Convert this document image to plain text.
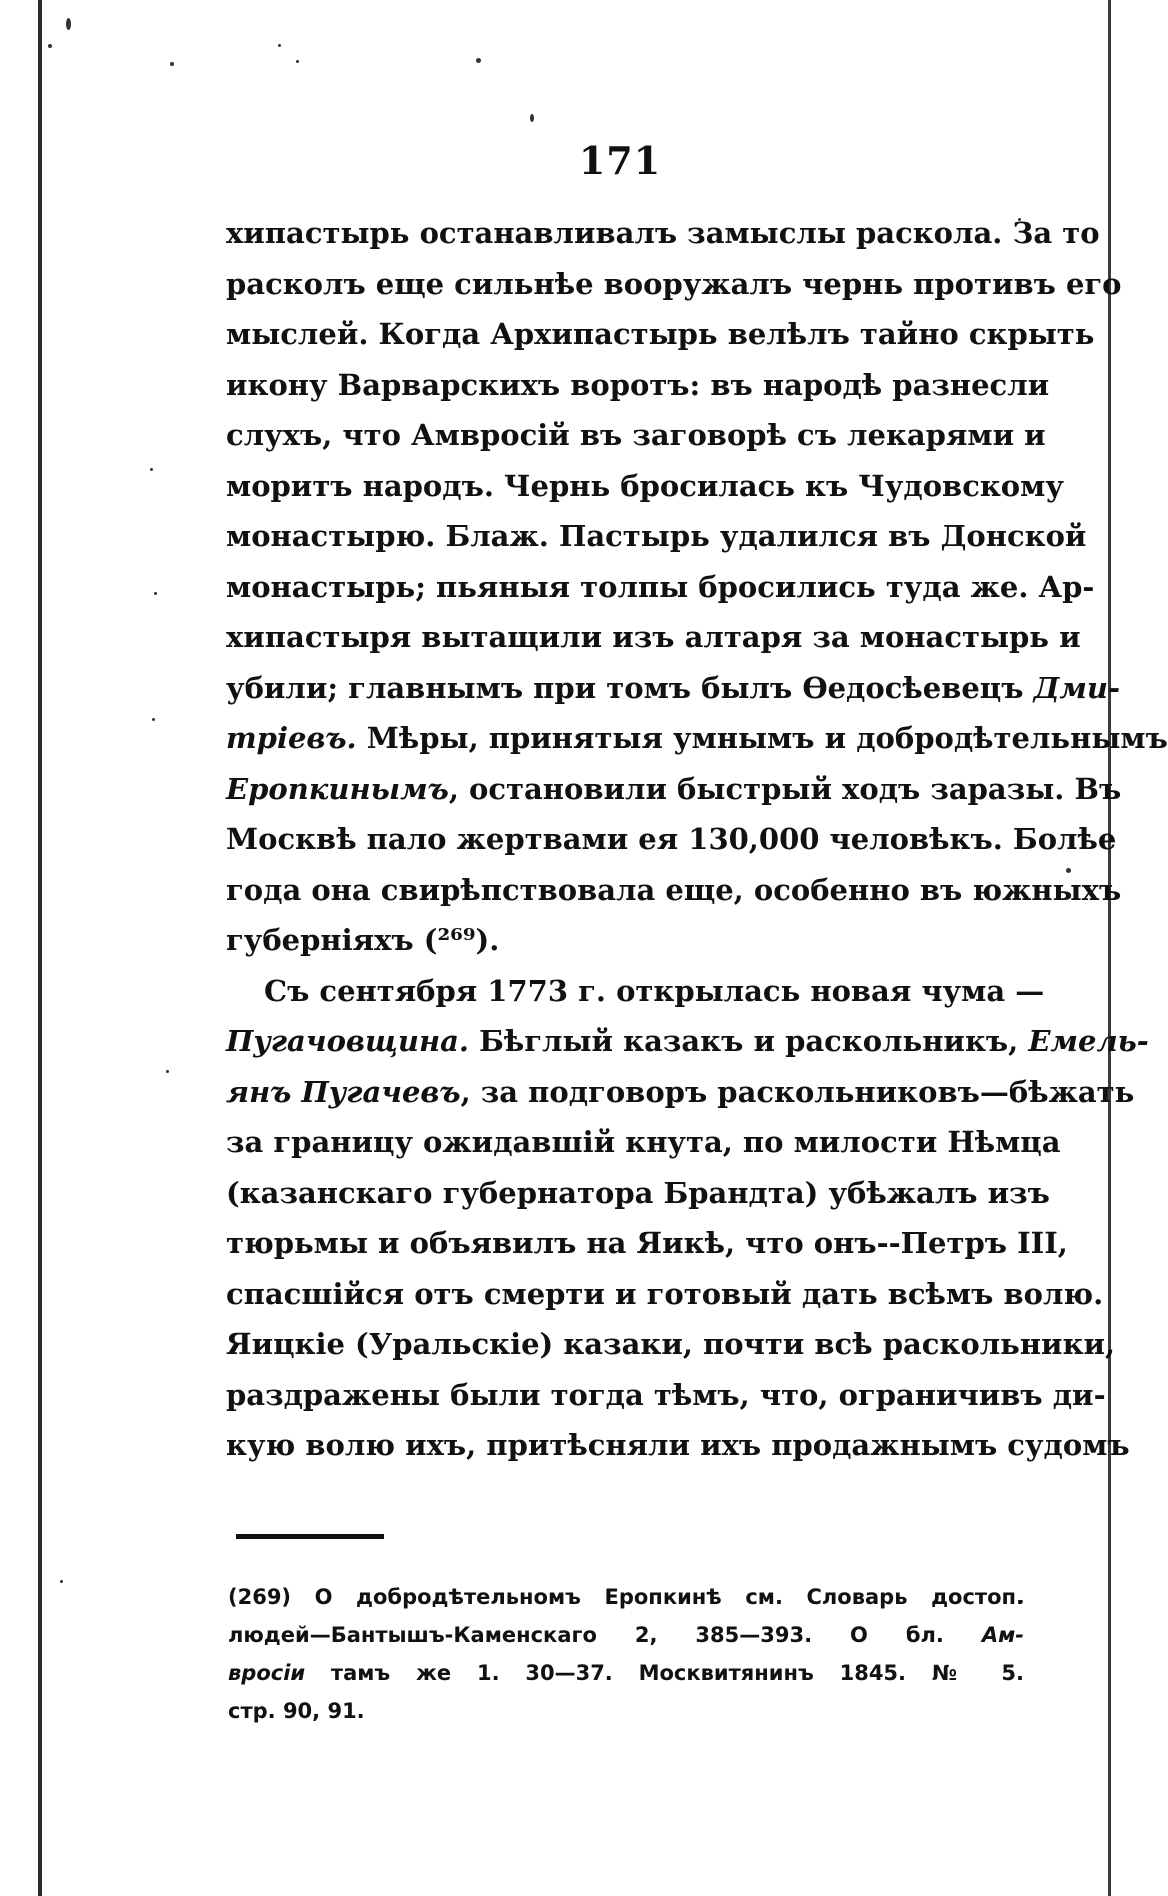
171
хипастырь останавливалъ замыслы раскола. За то
расколъ еще сильнѣе вооружалъ чернь противъ его
мыслей. Когда Архипастырь велѣлъ тайно скрыть
икону Варварскихъ воротъ: въ народѣ разнесли
слухъ, что Амвросій въ заговорѣ съ лекарями и
моритъ народъ. Чернь бросилась къ Чудовскому
монастырю. Блаж. Пастырь удалился въ Донской
монастырь; пьяныя толпы бросились туда же. Ар-
хипастыря вытащили изъ алтаря за монастырь и
убили; главнымъ при томъ былъ Ѳедосѣевецъ Дми-
тріевъ. Мѣры, принятыя умнымъ и добродѣтельнымъ
Еропкинымъ, остановили быстрый ходъ заразы. Въ
Москвѣ пало жертвами ея 130,000 человѣкъ. Болѣе
года она свирѣпствовала еще, особенно въ южныхъ
губерніяхъ (²⁶⁹).
Съ сентября 1773 г. открылась новая чума —
Пугачовщина. Бѣглый казакъ и раскольникъ, Емель-
янъ Пугачевъ, за подговоръ раскольниковъ—бѣжать
за границу ожидавшій кнута, по милости Нѣмца
(казанскаго губернатора Брандта) убѣжалъ изъ
тюрьмы и объявилъ на Яикѣ, что онъ--Петръ III,
спасшійся отъ смерти и готовый дать всѣмъ волю.
Яицкіе (Уральскіе) казаки, почти всѣ раскольники,
раздражены были тогда тѣмъ, что, ограничивъ ди-
кую волю ихъ, притѣсняли ихъ продажнымъ судомъ
(269) О добродѣтельномъ Еропкинѣ см. Словарь достоп.
людей—Бантышъ-Каменскаго 2, 385—393. О бл. Ам-
вросіи тамъ же 1. 30—37. Москвитянинъ 1845. № 5.
стр. 90, 91.
